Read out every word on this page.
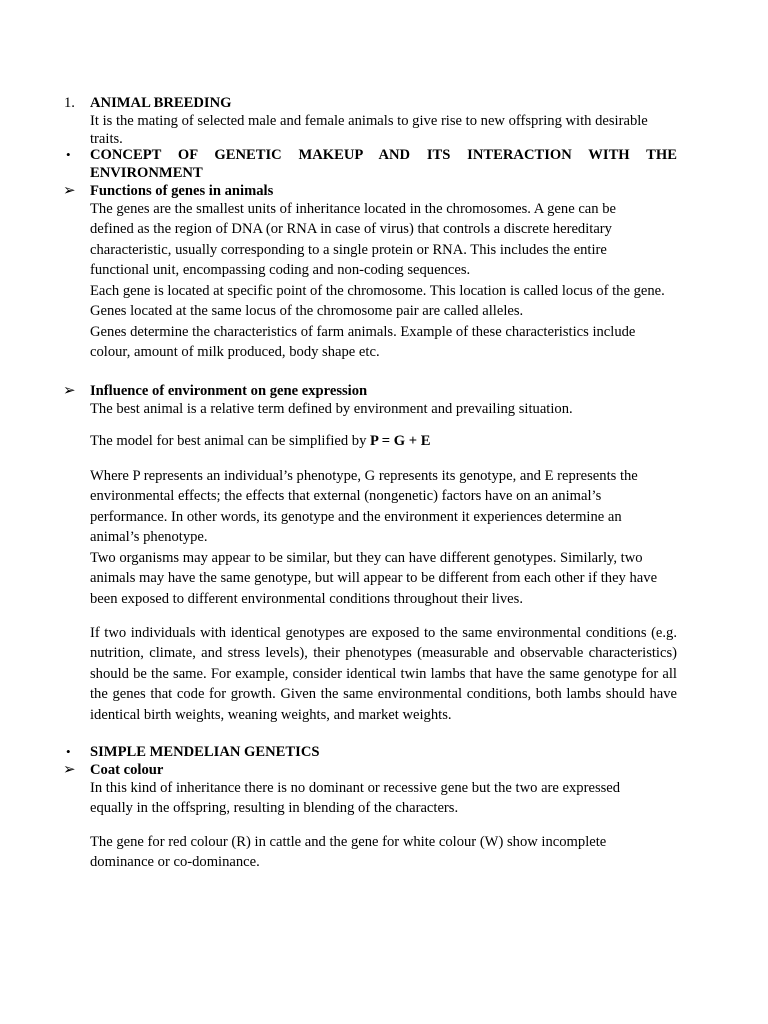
1. ANIMAL BREEDING

It is the mating of selected male and female animals to give rise to new offspring with desirable traits.

• CONCEPT OF GENETIC MAKEUP AND ITS INTERACTION WITH THE
ENVIRONMENT
➢ Functions of genes in animals

The genes are the smallest units of inheritance located in the chromosomes. A gene can be defined as the region of DNA (or RNA in case of virus) that controls a discrete hereditary characteristic, usually corresponding to a single protein or RNA. This includes the entire functional unit, encompassing coding and non-coding sequences.

Each gene is located at specific point of the chromosome. This location is called locus of the gene. Genes located at the same locus of the chromosome pair are called alleles.

Genes determine the characteristics of farm animals. Example of these characteristics include colour, amount of milk produced, body shape etc.

➢ Influence of environment on gene expression

The best animal is a relative term defined by environment and prevailing situation.

The model for best animal can be simplified by P = G + E

Where P represents an individual’s phenotype, G represents its genotype, and E represents the environmental effects; the effects that external (nongenetic) factors have on an animal’s performance. In other words, its genotype and the environment it experiences determine an animal’s phenotype.

Two organisms may appear to be similar, but they can have different genotypes. Similarly, two animals may have the same genotype, but will appear to be different from each other if they have been exposed to different environmental conditions throughout their lives.

If two individuals with identical genotypes are exposed to the same environmental conditions (e.g. nutrition, climate, and stress levels), their phenotypes (measurable and observable characteristics) should be the same. For example, consider identical twin lambs that have the same genotype for all the genes that code for growth. Given the same environmental conditions, both lambs should have identical birth weights, weaning weights, and market weights.

• SIMPLE MENDELIAN GENETICS
➢ Coat colour

In this kind of inheritance there is no dominant or recessive gene but the two are expressed equally in the offspring, resulting in blending of the characters.

The gene for red colour (R) in cattle and the gene for white colour (W) show incomplete dominance or co-dominance.
